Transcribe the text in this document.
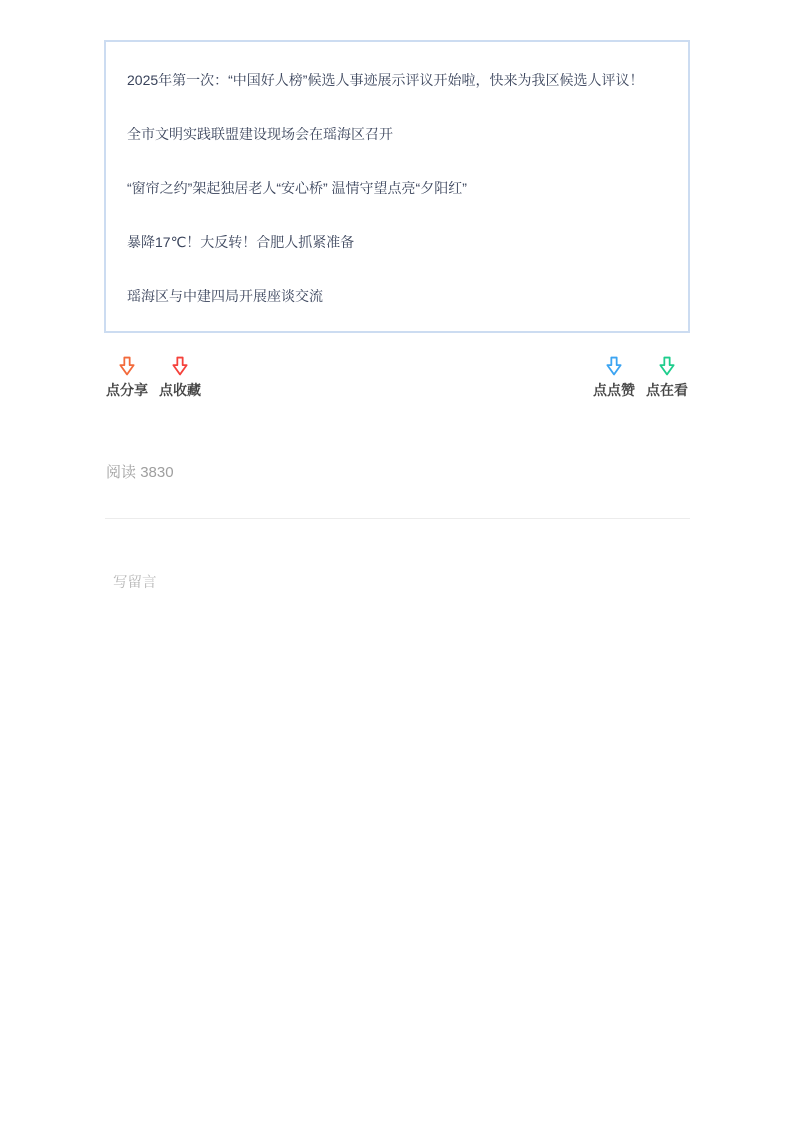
2025年第一次：“中国好人榜”候选人事迹展示评议开始啦，快来为我区候选人评议！
全市文明实践联盟建设现场会在瑶海区召开
“窗帘之约”架起独居老人“安心桥” 温情守望点亮“夕阳红”
暴降17℃！大反转！合肥人抓紧准备
瑶海区与中建四局开展座谈交流
点分享 点收藏	点点赞 点在看
阅读 3830
写留言
